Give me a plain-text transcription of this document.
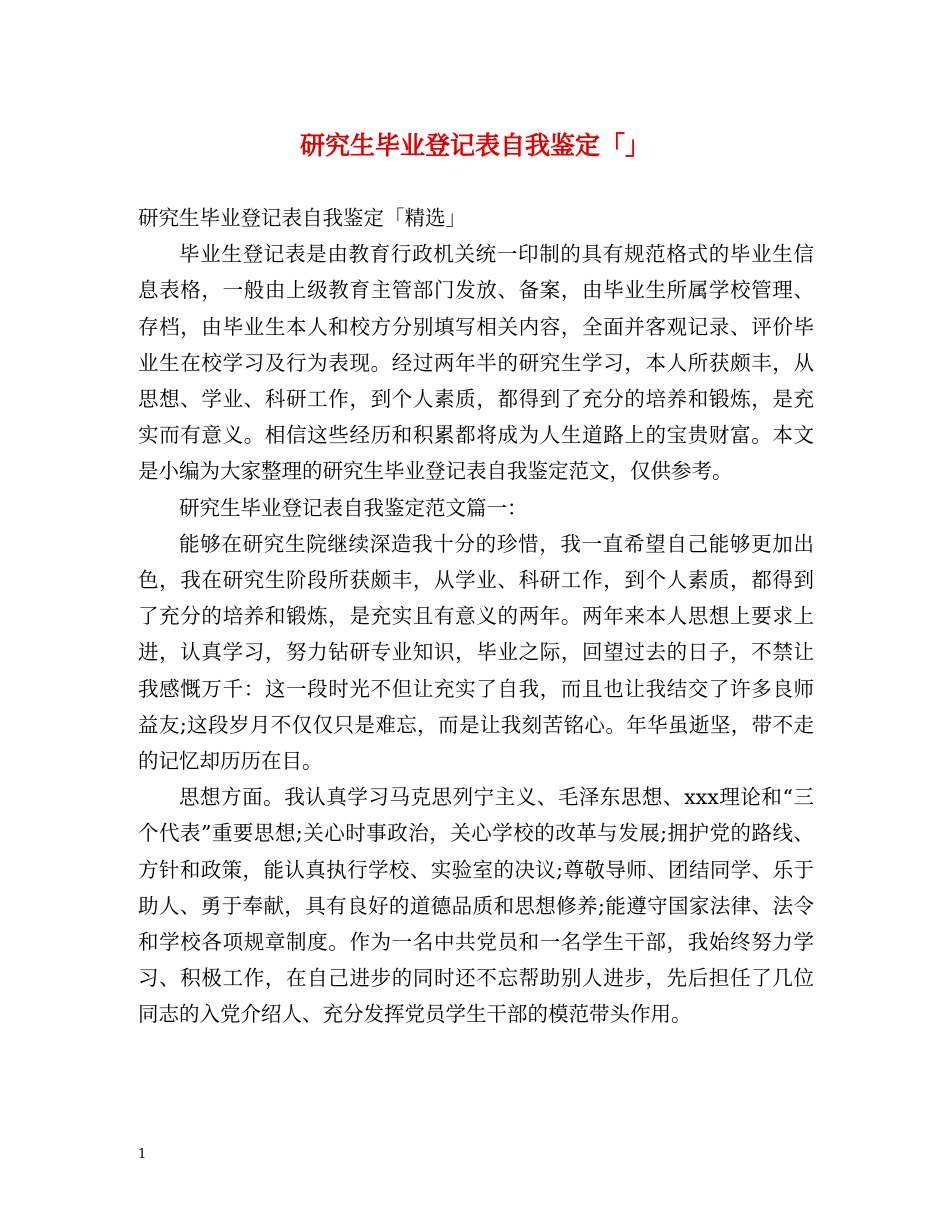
研究生毕业登记表自我鉴定「」

研究生毕业登记表自我鉴定「精选」

毕业生登记表是由教育行政机关统一印制的具有规范格式的毕业生信息表格，一般由上级教育主管部门发放、备案，由毕业生所属学校管理、存档，由毕业生本人和校方分别填写相关内容，全面并客观记录、评价毕业生在校学习及行为表现。经过两年半的研究生学习，本人所获颇丰，从思想、学业、科研工作，到个人素质，都得到了充分的培养和锻炼，是充实而有意义。相信这些经历和积累都将成为人生道路上的宝贵财富。本文是小编为大家整理的研究生毕业登记表自我鉴定范文，仅供参考。

研究生毕业登记表自我鉴定范文篇一：

能够在研究生院继续深造我十分的珍惜，我一直希望自己能够更加出色，我在研究生阶段所获颇丰，从学业、科研工作，到个人素质，都得到了充分的培养和锻炼，是充实且有意义的两年。两年来本人思想上要求上进，认真学习，努力钻研专业知识，毕业之际，回望过去的日子，不禁让我感慨万千：这一段时光不但让充实了自我，而且也让我结交了许多良师益友;这段岁月不仅仅只是难忘，而是让我刻苦铭心。年华虽逝坚，带不走的记忆却历历在目。

思想方面。我认真学习马克思列宁主义、毛泽东思想、xxx理论和“三个代表”重要思想;关心时事政治，关心学校的改革与发展;拥护党的路线、方针和政策，能认真执行学校、实验室的决议;尊敬导师、团结同学、乐于助人、勇于奉献，具有良好的道德品质和思想修养;能遵守国家法律、法令和学校各项规章制度。作为一名中共党员和一名学生干部，我始终努力学习、积极工作，在自己进步的同时还不忘帮助别人进步，先后担任了几位同志的入党介绍人、充分发挥党员学生干部的模范带头作用。

1
